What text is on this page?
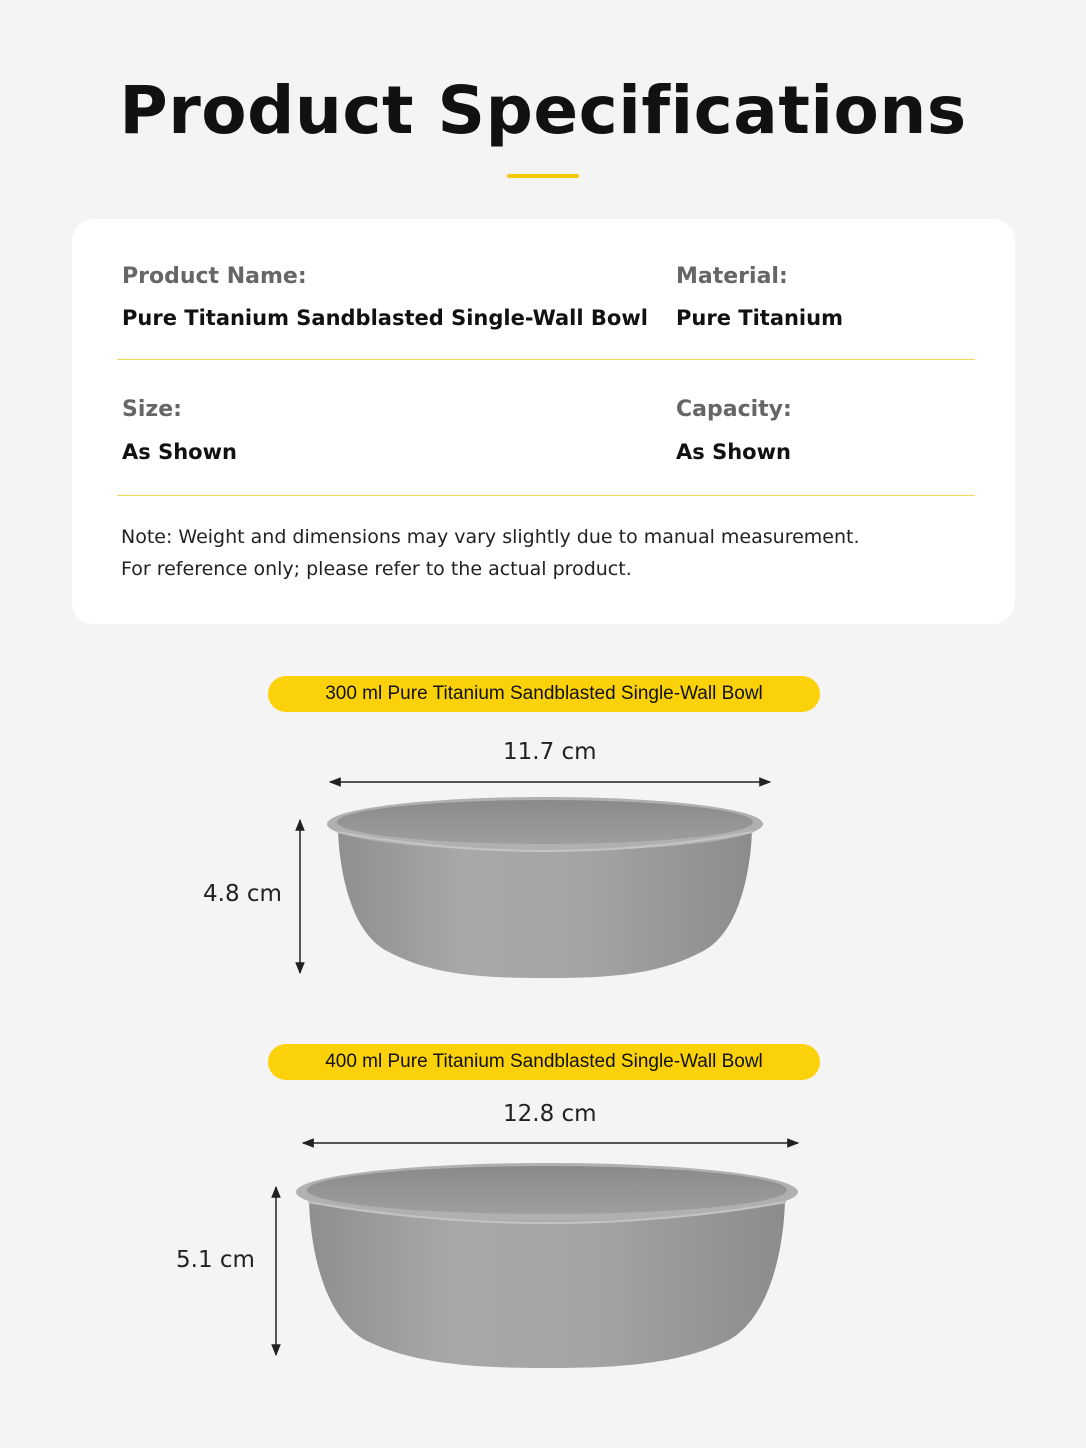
Product Specifications
Product Name:
Pure Titanium Sandblasted Single-Wall Bowl
Material:
Pure Titanium
Size:
As Shown
Capacity:
As Shown
Note: Weight and dimensions may vary slightly due to manual measurement.
For reference only; please refer to the actual product.
300 ml Pure Titanium Sandblasted Single-Wall Bowl
11.7 cm
4.8 cm
400 ml Pure Titanium Sandblasted Single-Wall Bowl
12.8 cm
5.1 cm
